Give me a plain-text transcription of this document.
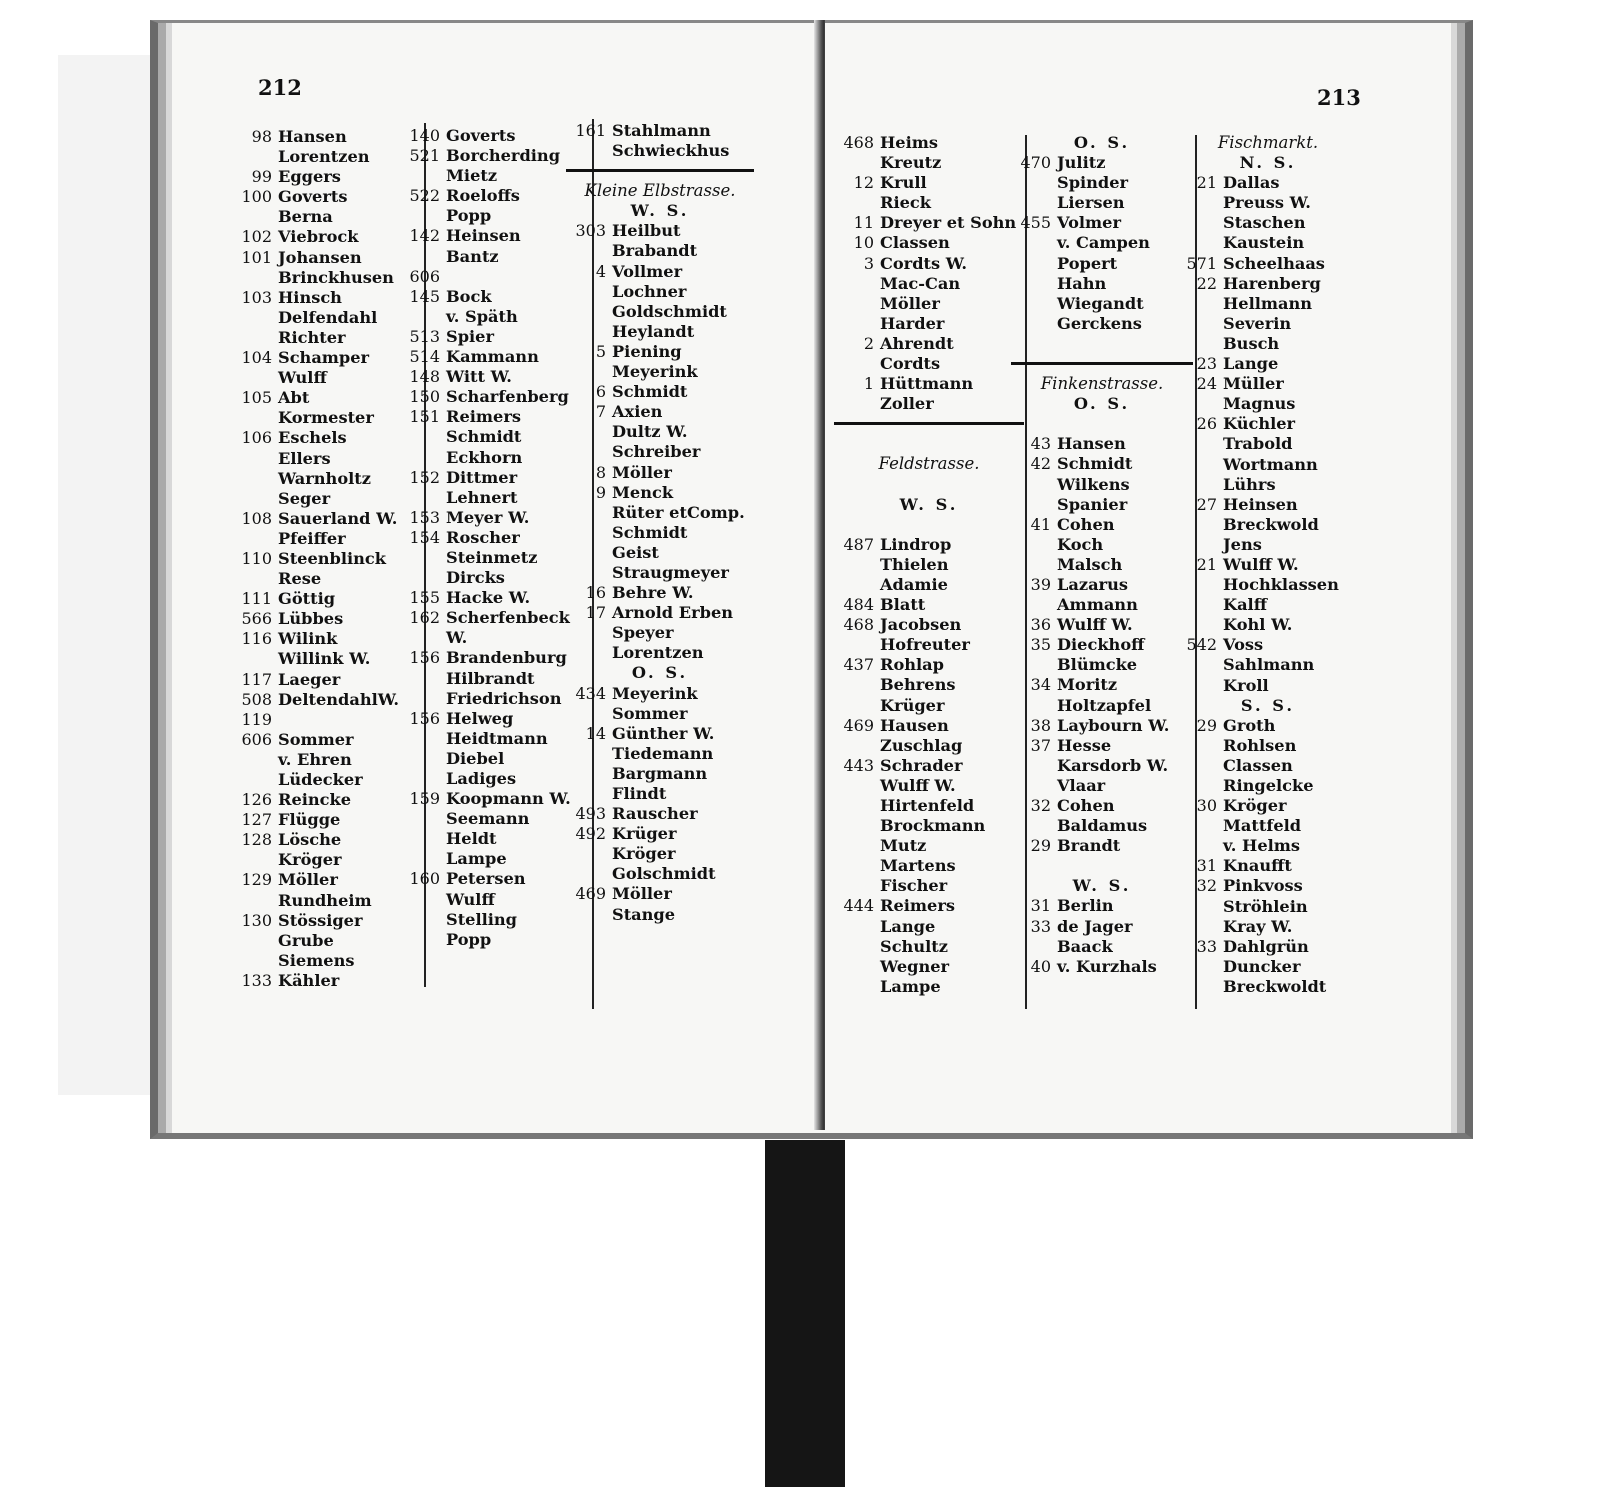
212
98 Hansen
Lorentzen
99 Eggers
100 Goverts
Berna
102 Viebrock
101 Johansen
Brinckhusen
103 Hinsch
Delfendahl
Richter
104 Schamper
Wulff
105 Abt
Kormester
106 Eschels
Ellers
Warnholtz
Seger
108 Sauerland W.
Pfeiffer
110 Steenblinck
Rese
111 Göttig
566 Lübbes
116 Wilink
Willink W.
117 Laeger
508 DeltendahlW.
119
606 Sommer
v. Ehren
Lüdecker
126 Reincke
127 Flügge
128 Lösche
Kröger
129 Möller
Rundheim
130 Stössiger
Grube
Siemens
133 Kähler
140 Goverts
521 Borcherding
Mietz
522 Roeloffs
Popp
142 Heinsen
Bantz
606
145 Bock
v. Späth
513 Spier
514 Kammann
148 Witt W.
150 Scharfenberg
151 Reimers
Schmidt
Eckhorn
152 Dittmer
Lehnert
153 Meyer W.
154 Roscher
Steinmetz
Dircks
155 Hacke W.
162 Scherfenbeck
W.
156 Brandenburg
Hilbrandt
Friedrichson
156 Helweg
Heidtmann
Diebel
Ladiges
159 Koopmann W.
Seemann
Heldt
Lampe
160 Petersen
Wulff
Stelling
Popp
161 Stahlmann
Schwieckhus
Kleine Elbstrasse.
W. S.
303 Heilbut
Brabandt
4 Vollmer
Lochner
Goldschmidt
Heylandt
5 Piening
Meyerink
6 Schmidt
7 Axien
Dultz W.
Schreiber
8 Möller
9 Menck
Rüter etComp.
Schmidt
Geist
Straugmeyer
16 Behre W.
17 Arnold Erben
Speyer
Lorentzen
O. S.
434 Meyerink
Sommer
14 Günther W.
Tiedemann
Bargmann
Flindt
493 Rauscher
492 Krüger
Kröger
Golschmidt
469 Möller
Stange
213
468 Heims
Kreutz
12 Krull
Rieck
11 Dreyer et Sohn
10 Classen
3 Cordts W.
Mac-Can
Möller
Harder
2 Ahrendt
Cordts
1 Hüttmann
Zoller
Feldstrasse.
W. S.
487 Lindrop
Thielen
Adamie
484 Blatt
468 Jacobsen
Hofreuter
437 Rohlap
Behrens
Krüger
469 Hausen
Zuschlag
443 Schrader
Wulff W.
Hirtenfeld
Brockmann
Mutz
Martens
Fischer
444 Reimers
Lange
Schultz
Wegner
Lampe
O. S.
470 Julitz
Spinder
Liersen
455 Volmer
v. Campen
Popert
Hahn
Wiegandt
Gerckens
Finkenstrasse.
O. S.
43 Hansen
42 Schmidt
Wilkens
Spanier
41 Cohen
Koch
Malsch
39 Lazarus
Ammann
36 Wulff W.
35 Dieckhoff
Blümcke
34 Moritz
Holtzapfel
38 Laybourn W.
37 Hesse
Karsdorb W.
Vlaar
32 Cohen
Baldamus
29 Brandt
W. S.
31 Berlin
33 de Jager
Baack
40 v. Kurzhals
Fischmarkt.
N. S.
21 Dallas
Preuss W.
Staschen
Kaustein
571 Scheelhaas
22 Harenberg
Hellmann
Severin
Busch
23 Lange
24 Müller
Magnus
26 Küchler
Trabold
Wortmann
Lührs
27 Heinsen
Breckwold
Jens
21 Wulff W.
Hochklassen
Kalff
Kohl W.
542 Voss
Sahlmann
Kroll
S. S.
29 Groth
Rohlsen
Classen
Ringelcke
30 Kröger
Mattfeld
v. Helms
31 Knaufft
32 Pinkvoss
Ströhlein
Kray W.
33 Dahlgrün
Duncker
Breckwoldt
